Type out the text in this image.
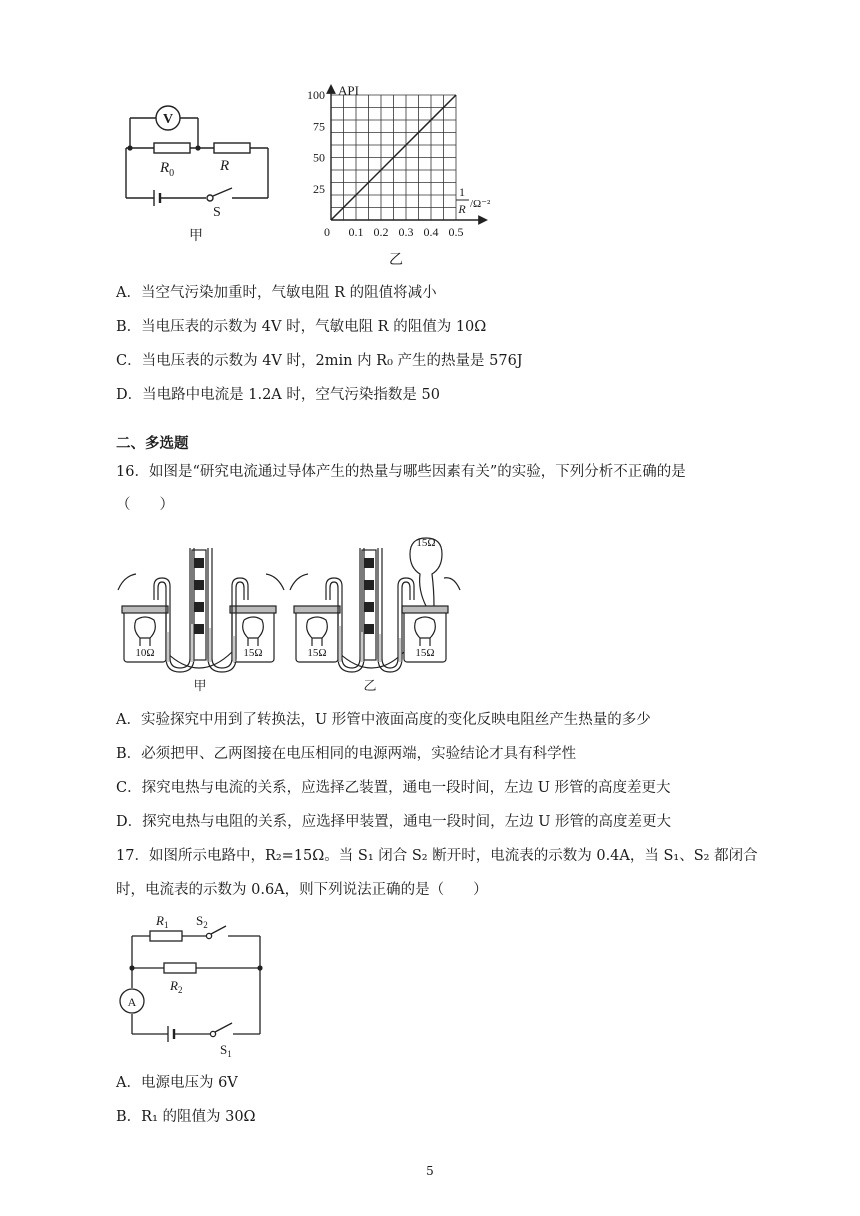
V
$R_0$	R
S
甲
100
75
50
25
0.1 0.2 0.3 0.4 0.5
API
0
1
R /Ω⁻²
乙
A．当空气污染加重时，气敏电阻 R 的阻值将减小
B．当电压表的示数为 4V 时，气敏电阻 R 的阻值为 10Ω
C．当电压表的示数为 4V 时，2min 内 R₀ 产生的热量是 576J
D．当电路中电流是 1.2A 时，空气污染指数是 50
二、多选题
16．如图是“研究电流通过导体产生的热量与哪些因素有关”的实验，下列分析不正确的是
（　　）
10Ω	15Ω	15Ω	15Ω
15Ω
甲	乙
A．实验探究中用到了转换法，U 形管中液面高度的变化反映电阻丝产生热量的多少
B．必须把甲、乙两图接在电压相同的电源两端，实验结论才具有科学性
C．探究电热与电流的关系，应选择乙装置，通电一段时间，左边 U 形管的高度差更大
D．探究电热与电阻的关系，应选择甲装置，通电一段时间，左边 U 形管的高度差更大
17．如图所示电路中，R₂=15Ω。当 S₁ 闭合 S₂ 断开时，电流表的示数为 0.4A，当 S₁、S₂ 都闭合
时，电流表的示数为 0.6A，则下列说法正确的是（　　）
$R_1$ $S_2$
$R_2$
A
$S_1$
A．电源电压为 6V
B．R₁ 的阻值为 30Ω
5
